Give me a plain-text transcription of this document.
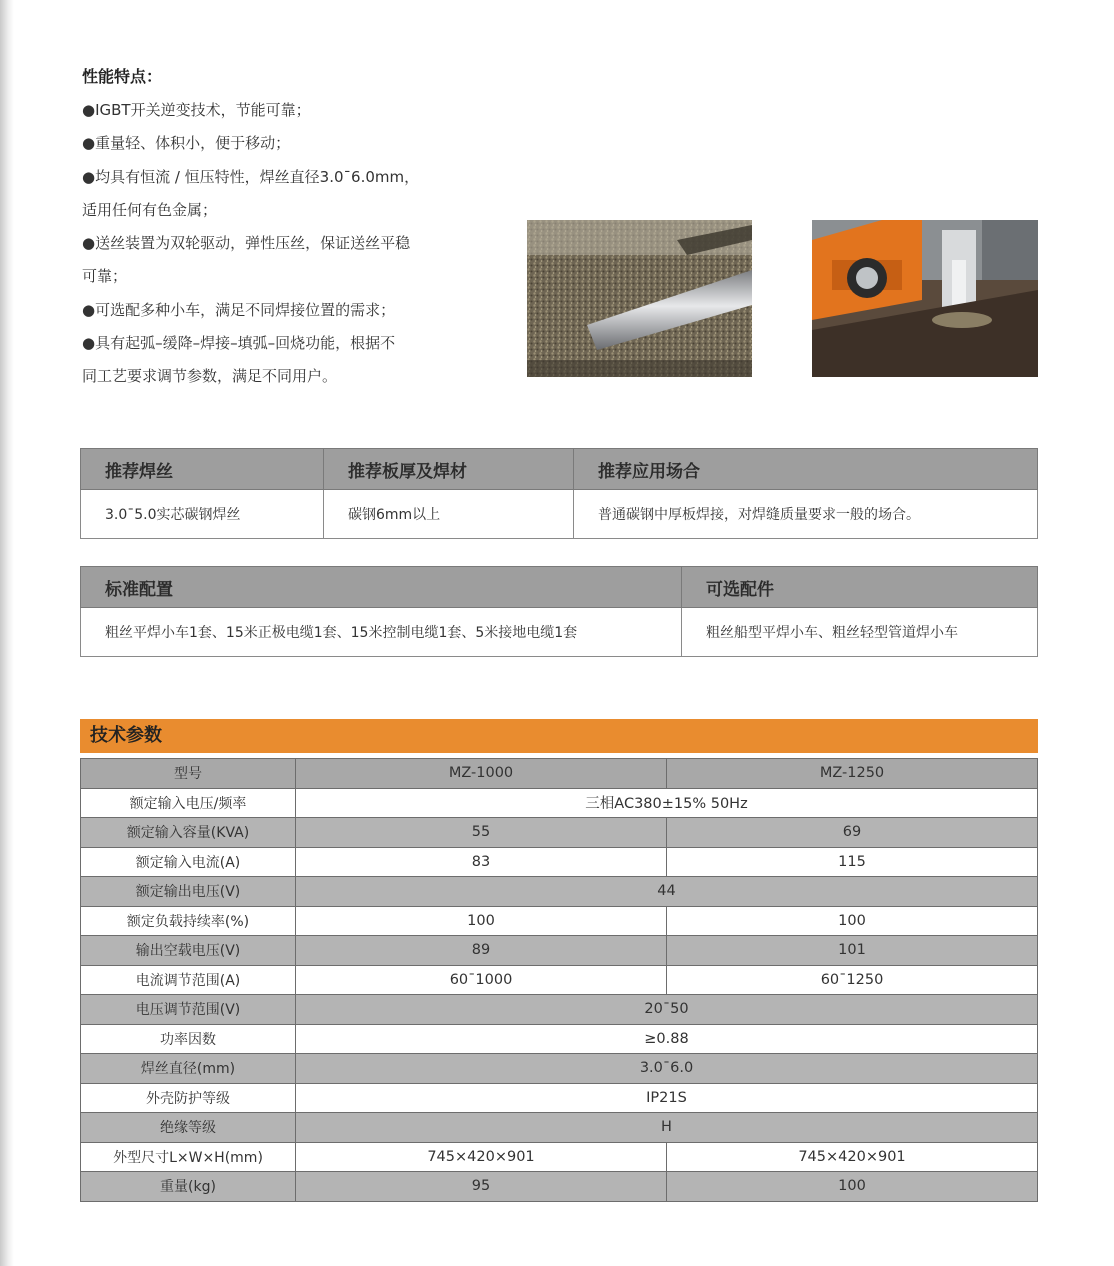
性能特点：
●IGBT开关逆变技术，节能可靠；
●重量轻、体积小，便于移动；
●均具有恒流 / 恒压特性，焊丝直径3.0¯6.0mm，
适用任何有色金属；
●送丝装置为双轮驱动，弹性压丝，保证送丝平稳
可靠；
●可选配多种小车，满足不同焊接位置的需求；
●具有起弧–缓降–焊接–填弧–回烧功能，根据不
同工艺要求调节参数，满足不同用户。
推荐焊丝	推荐板厚及焊材	推荐应用场合
3.0¯5.0实芯碳钢焊丝	碳钢6mm以上	普通碳钢中厚板焊接，对焊缝质量要求一般的场合。
标准配置	可选配件
粗丝平焊小车1套、15米正极电缆1套、15米控制电缆1套、5米接地电缆1套	粗丝船型平焊小车、粗丝轻型管道焊小车
技术参数
型号	MZ-1000	MZ-1250
额定输入电压/频率	三相AC380±15% 50Hz	
额定输入容量(KVA)	55	69
额定输入电流(A)	83	115
额定输出电压(V)	44	
额定负载持续率(%)	100	100
输出空载电压(V)	89	101
电流调节范围(A)	60¯1000	60¯1250
电压调节范围(V)	20¯50	
功率因数	≥0.88	
焊丝直径(mm)	3.0¯6.0	
外壳防护等级	IP21S	
绝缘等级	H	
外型尺寸L×W×H(mm)	745×420×901	745×420×901
重量(kg)	95	100
